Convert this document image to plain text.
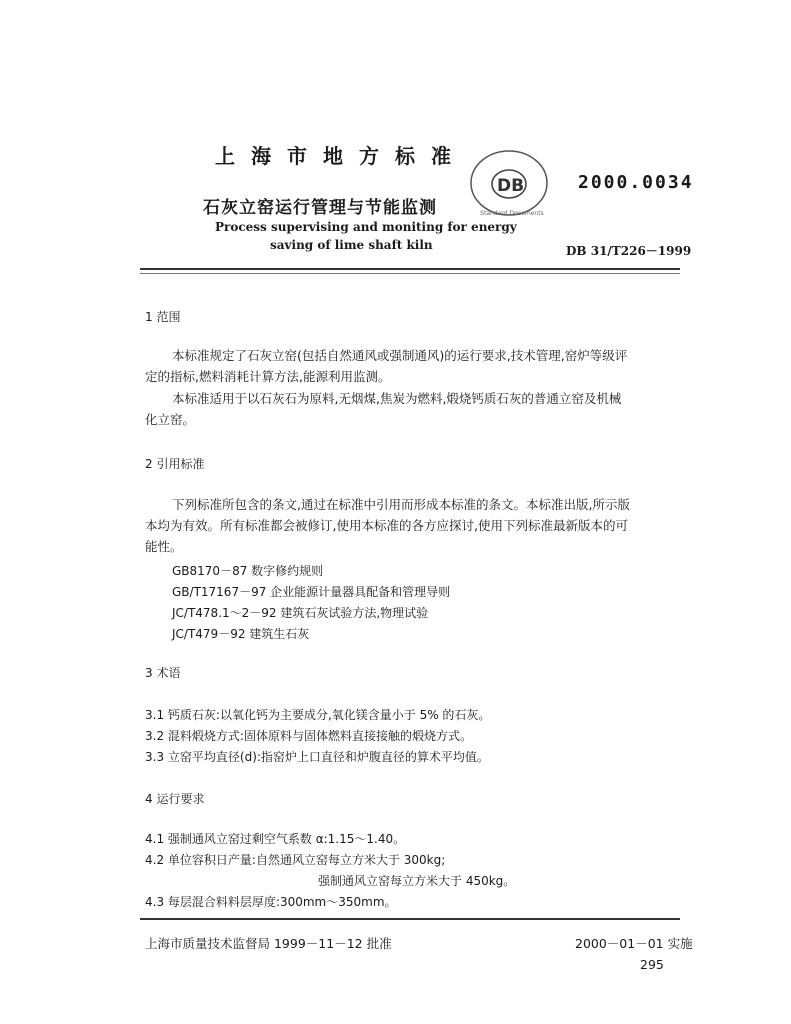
上海市地方标准
DB
Standard Documents
2000.0034
石灰立窑运行管理与节能监测
Process supervising and moniting for energy
saving of lime shaft kiln	DB 31/T226－1999
1 范围
本标准规定了石灰立窑(包括自然通风或强制通风)的运行要求,技术管理,窑炉等级评
定的指标,燃料消耗计算方法,能源利用监测。
本标准适用于以石灰石为原料,无烟煤,焦炭为燃料,煅烧钙质石灰的普通立窑及机械
化立窑。
2 引用标准
下列标准所包含的条文,通过在标准中引用而形成本标准的条文。本标准出版,所示版
本均为有效。所有标准都会被修订,使用本标准的各方应探讨,使用下列标准最新版本的可
能性。
GB8170－87 数字修约规则
GB/T17167－97 企业能源计量器具配备和管理导则
JC/T478.1～2－92 建筑石灰试验方法,物理试验
JC/T479－92 建筑生石灰
3 术语
3.1 钙质石灰:以氧化钙为主要成分,氧化镁含量小于 5% 的石灰。
3.2 混料煅烧方式:固体原料与固体燃料直接接触的煅烧方式。
3.3 立窑平均直径(d):指窑炉上口直径和炉腹直径的算术平均值。
4 运行要求
4.1 强制通风立窑过剩空气系数 α:1.15～1.40。
4.2 单位容积日产量:自然通风立窑每立方米大于 300kg;
强制通风立窑每立方米大于 450kg。
4.3 每层混合料料层厚度:300mm～350mm。
上海市质量技术监督局 1999－11－12 批准	2000－01－01 实施
295
